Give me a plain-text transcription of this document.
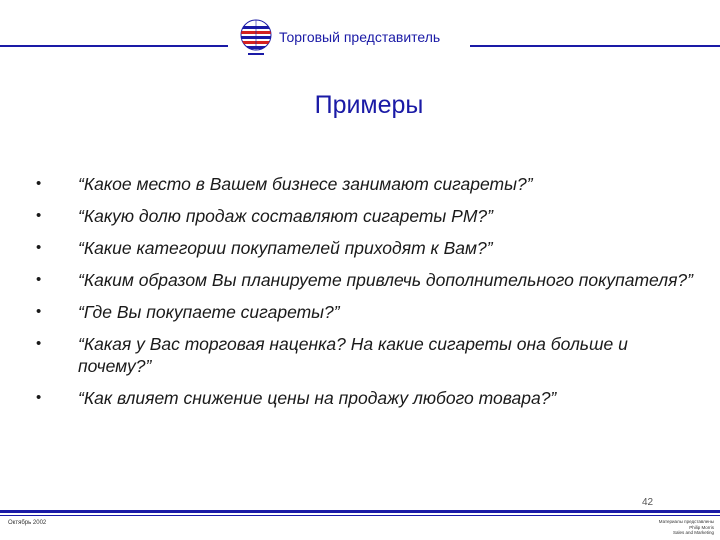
Торговый представитель
Примеры
• “Какое место в Вашем бизнесе занимают сигареты?”
• “Какую долю продаж составляют сигареты PM?”
• “Какие категории покупателей приходят к Вам?”
• “Каким образом Вы планируете привлечь дополнительного покупателя?”
• “Где Вы покупаете сигареты?”
• “Какая у Вас торговая наценка? На какие сигареты она больше и почему?”
• “Как влияет снижение цены на продажу любого товара?”
42
Октябрь 2002	Материалы представлены
Philip Morris
Sales and Marketing
